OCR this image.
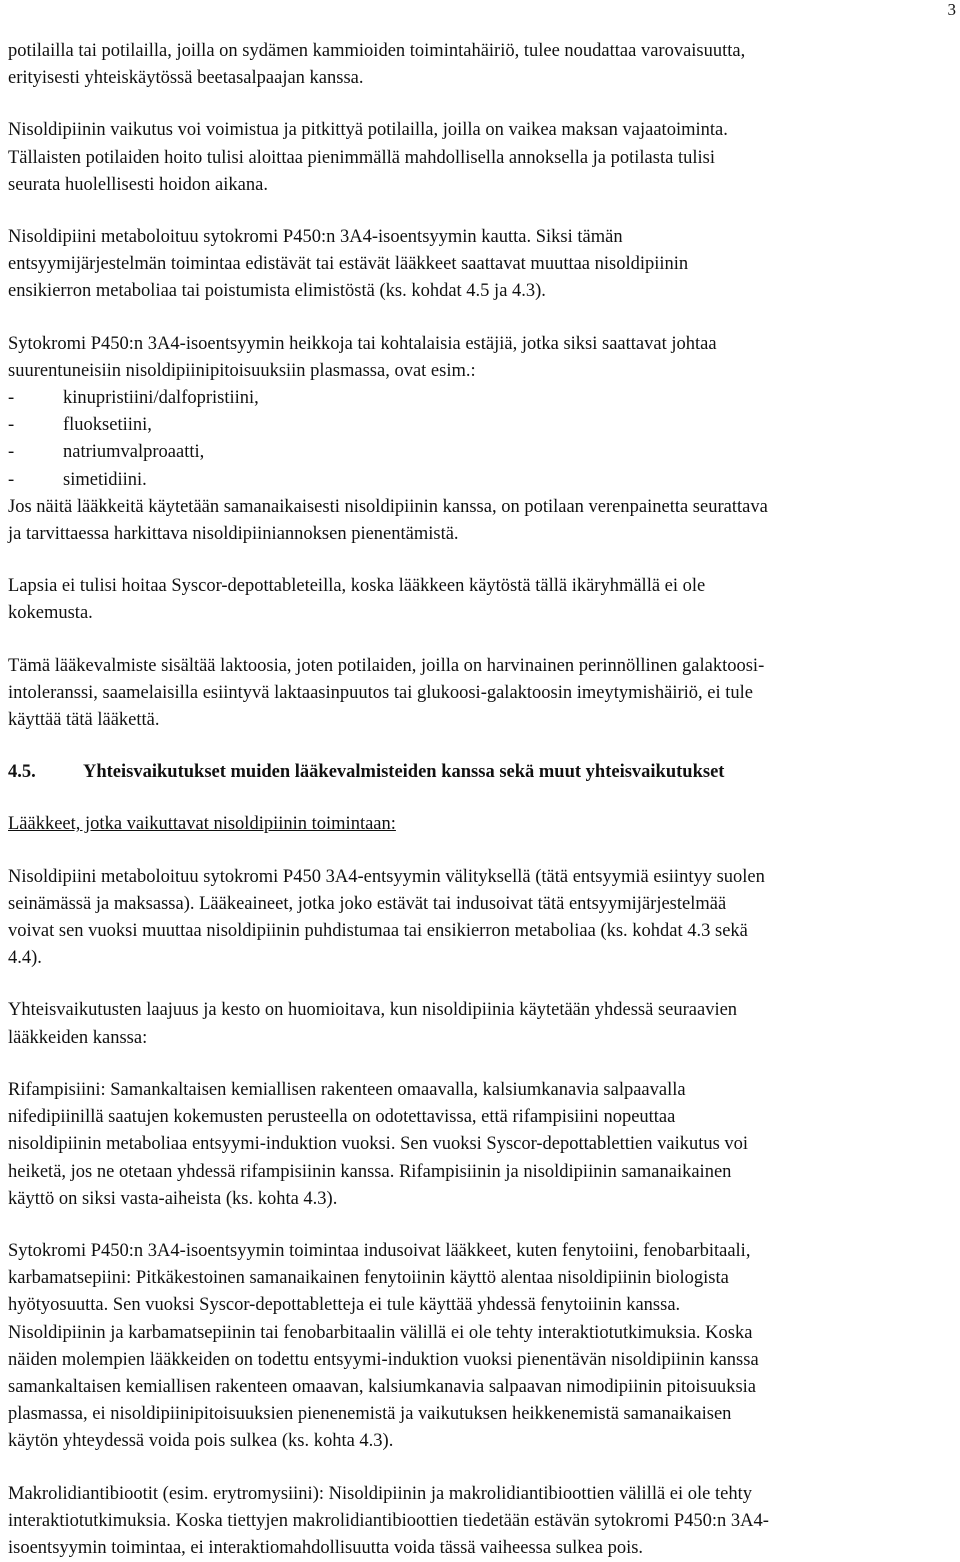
3

potilailla tai potilailla, joilla on sydämen kammioiden toimintahäiriö, tulee noudattaa varovaisuutta,
erityisesti yhteiskäytössä beetasalpaajan kanssa.

Nisoldipiinin vaikutus voi voimistua ja pitkittyä potilailla, joilla on vaikea maksan vajaatoiminta.
Tällaisten potilaiden hoito tulisi aloittaa pienimmällä mahdollisella annoksella ja potilasta tulisi
seurata huolellisesti hoidon aikana.

Nisoldipiini metaboloituu sytokromi P450:n 3A4-isoentsyymin kautta. Siksi tämän
entsyymijärjestelmän toimintaa edistävät tai estävät lääkkeet saattavat muuttaa nisoldipiinin
ensikierron metaboliaa tai poistumista elimistöstä (ks. kohdat 4.5 ja 4.3).

Sytokromi P450:n 3A4-isoentsyymin heikkoja tai kohtalaisia estäjiä, jotka siksi saattavat johtaa
suurentuneisiin nisoldipiinipitoisuuksiin plasmassa, ovat esim.:

-	kinupristiini/dalfopristiini,
-	fluoksetiini,
-	natriumvalproaatti,
-	simetidiini.

Jos näitä lääkkeitä käytetään samanaikaisesti nisoldipiinin kanssa, on potilaan verenpainetta seurattava
ja tarvittaessa harkittava nisoldipiiniannoksen pienentämistä.

Lapsia ei tulisi hoitaa Syscor-depottableteilla, koska lääkkeen käytöstä tällä ikäryhmällä ei ole
kokemusta.

Tämä lääkevalmiste sisältää laktoosia, joten potilaiden, joilla on harvinainen perinnöllinen galaktoosi-
intoleranssi, saamelaisilla esiintyvä laktaasinpuutos tai glukoosi-galaktoosin imeytymishäiriö, ei tule
käyttää tätä lääkettä.

4.5.	Yhteisvaikutukset muiden lääkevalmisteiden kanssa sekä muut yhteisvaikutukset

Lääkkeet, jotka vaikuttavat nisoldipiinin toimintaan:

Nisoldipiini metaboloituu sytokromi P450 3A4-entsyymin välityksellä (tätä entsyymiä esiintyy suolen
seinämässä ja maksassa). Lääkeaineet, jotka joko estävät tai indusoivat tätä entsyymijärjestelmää
voivat sen vuoksi muuttaa nisoldipiinin puhdistumaa tai ensikierron metaboliaa (ks. kohdat 4.3 sekä
4.4).

Yhteisvaikutusten laajuus ja kesto on huomioitava, kun nisoldipiinia käytetään yhdessä seuraavien
lääkkeiden kanssa:

Rifampisiini: Samankaltaisen kemiallisen rakenteen omaavalla, kalsiumkanavia salpaavalla
nifedipiinillä saatujen kokemusten perusteella on odotettavissa, että rifampisiini nopeuttaa
nisoldipiinin metaboliaa entsyymi-induktion vuoksi. Sen vuoksi Syscor-depottablettien vaikutus voi
heiketä, jos ne otetaan yhdessä rifampisiinin kanssa. Rifampisiinin ja nisoldipiinin samanaikainen
käyttö on siksi vasta-aiheista (ks. kohta 4.3).

Sytokromi P450:n 3A4-isoentsyymin toimintaa indusoivat lääkkeet, kuten fenytoiini, fenobarbitaali,
karbamatsepiini: Pitkäkestoinen samanaikainen fenytoiinin käyttö alentaa nisoldipiinin biologista
hyötyosuutta. Sen vuoksi Syscor-depottabletteja ei tule käyttää yhdessä fenytoiinin kanssa.
Nisoldipiinin ja karbamatsepiinin tai fenobarbitaalin välillä ei ole tehty interaktiotutkimuksia. Koska
näiden molempien lääkkeiden on todettu entsyymi-induktion vuoksi pienentävän nisoldipiinin kanssa
samankaltaisen kemiallisen rakenteen omaavan, kalsiumkanavia salpaavan nimodipiinin pitoisuuksia
plasmassa, ei nisoldipiinipitoisuuksien pienenemistä ja vaikutuksen heikkenemistä samanaikaisen
käytön yhteydessä voida pois sulkea (ks. kohta 4.3).

Makrolidiantibiootit (esim. erytromysiini): Nisoldipiinin ja makrolidiantibioottien välillä ei ole tehty
interaktiotutkimuksia. Koska tiettyjen makrolidiantibioottien tiedetään estävän sytokromi P450:n 3A4-
isoentsyymin toimintaa, ei interaktiomahdollisuutta voida tässä vaiheessa sulkea pois.
